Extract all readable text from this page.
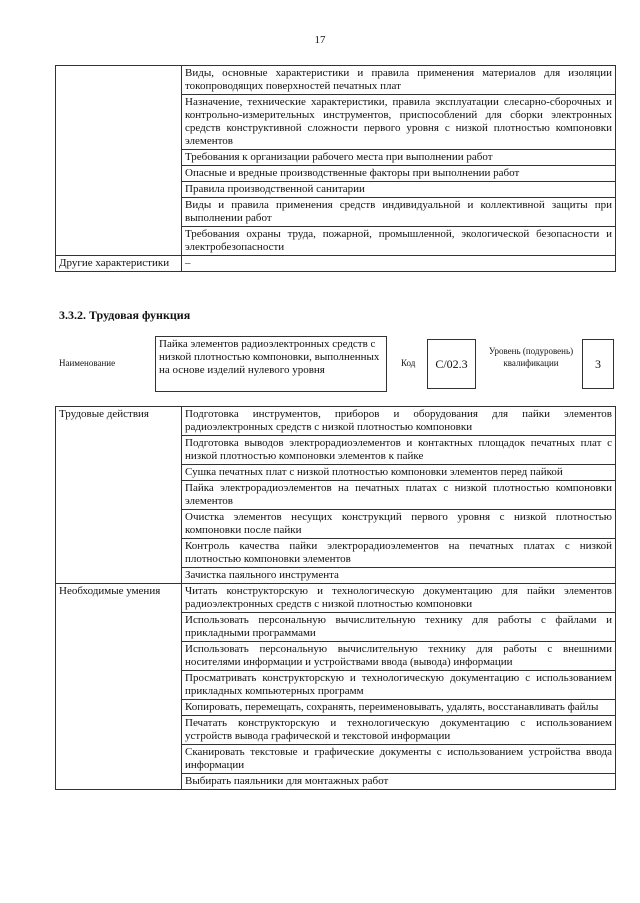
17
	Виды, основные характеристики и правила применения материалов для изоляции токопроводящих поверхностей печатных плат
	Назначение, технические характеристики, правила эксплуатации слесарно-сборочных и контрольно-измерительных инструментов, приспособлений для сборки электронных средств конструктивной сложности первого уровня с низкой плотностью компоновки элементов
	Требования к организации рабочего места при выполнении работ
	Опасные и вредные производственные факторы при выполнении работ
	Правила производственной санитарии
	Виды и правила применения средств индивидуальной и коллективной защиты при выполнении работ
	Требования охраны труда, пожарной, промышленной, экологической безопасности и электробезопасности
Другие характеристики	–
3.3.2. Трудовая функция
Наименование
Пайка элементов радиоэлектронных средств с низкой плотностью компоновки, выполненных на основе изделий нулевого уровня
Код	С/02.3
Уровень (подуровень) квалификации	3
Трудовые действия	Подготовка инструментов, приборов и оборудования для пайки элементов радиоэлектронных средств с низкой плотностью компоновки
	Подготовка выводов электрорадиоэлементов и контактных площадок печатных плат с низкой плотностью компоновки элементов к пайке
	Сушка печатных плат с низкой плотностью компоновки элементов перед пайкой
	Пайка электрорадиоэлементов на печатных платах с низкой плотностью компоновки элементов
	Очистка элементов несущих конструкций первого уровня с низкой плотностью компоновки после пайки
	Контроль качества пайки электрорадиоэлементов на печатных платах с низкой плотностью компоновки элементов
	Зачистка паяльного инструмента
Необходимые умения	Читать конструкторскую и технологическую документацию для пайки элементов радиоэлектронных средств с низкой плотностью компоновки
	Использовать персональную вычислительную технику для работы с файлами и прикладными программами
	Использовать персональную вычислительную технику для работы с внешними носителями информации и устройствами ввода (вывода) информации
	Просматривать конструкторскую и технологическую документацию с использованием прикладных компьютерных программ
	Копировать, перемещать, сохранять, переименовывать, удалять, восстанавливать файлы
	Печатать конструкторскую и технологическую документацию с использованием устройств вывода графической и текстовой информации
	Сканировать текстовые и графические документы с использованием устройства ввода информации
	Выбирать паяльники для монтажных работ
